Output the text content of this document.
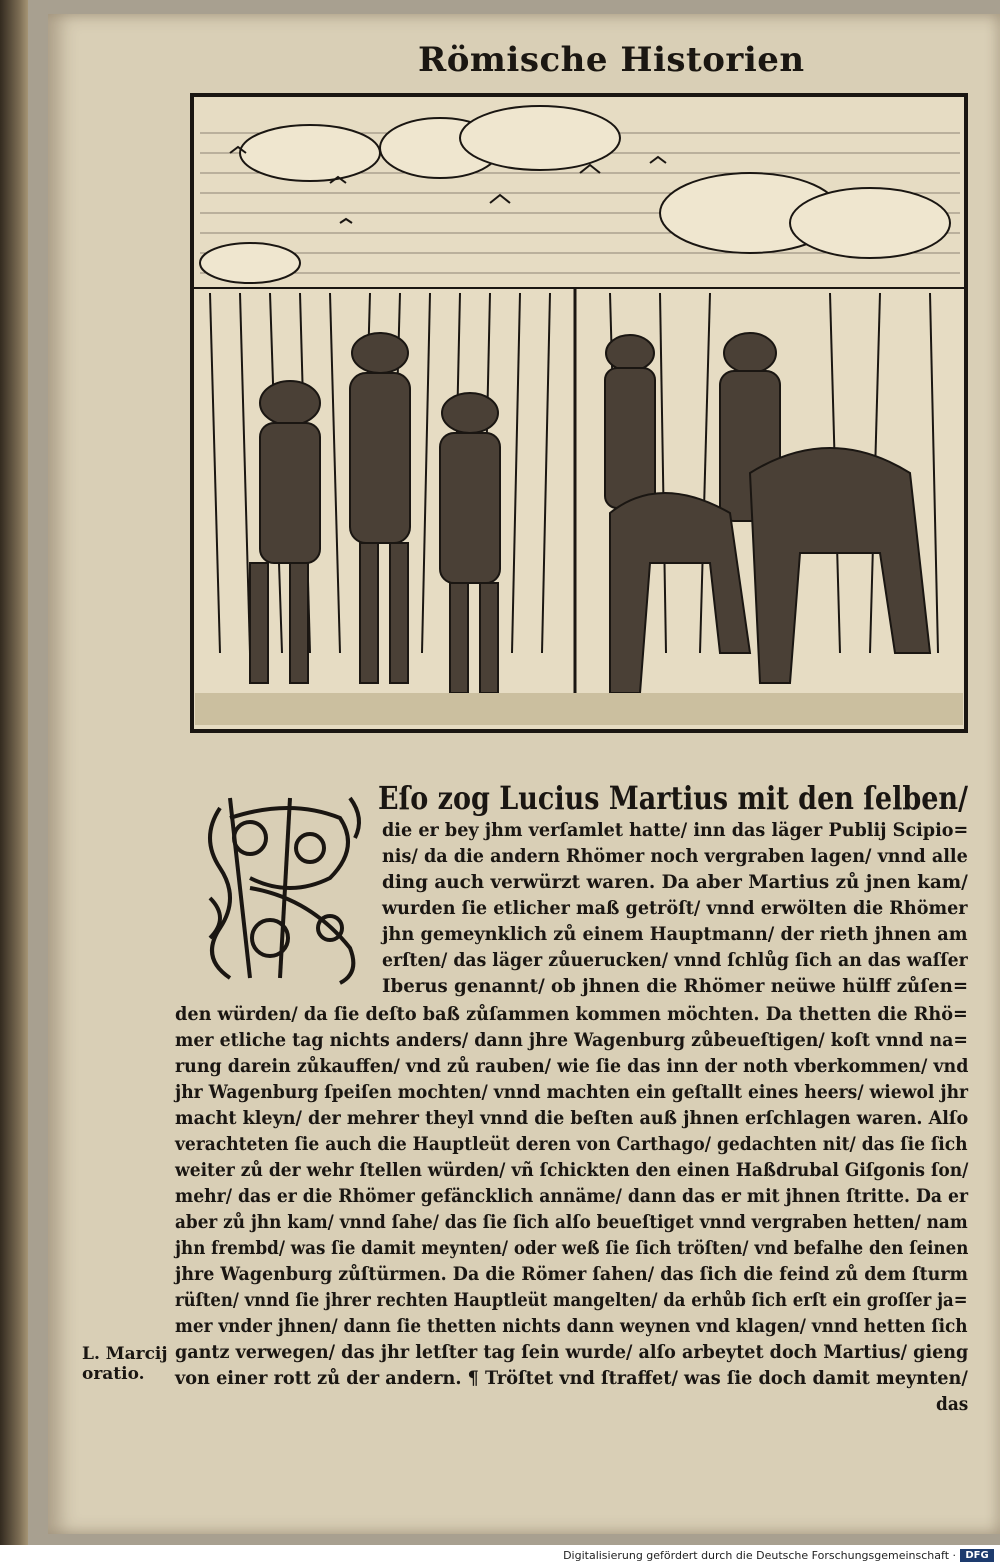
Römische Historien
Eſo zog Lucius Martius mit den ſelben/
die er bey jhm verſamlet hatte/ inn das läger Publij Scipio=
nis/ da die andern Rhömer noch vergraben lagen/ vnnd alle
ding auch verwürzt waren. Da aber Martius zů jnen kam/
wurden ſie etlicher maß getröſt/ vnnd erwölten die Rhömer
jhn gemeynklich zů einem Hauptmann/ der rieth jhnen am
erſten/ das läger zůuerucken/ vnnd ſchlůg ſich an das waſſer
Iberus genannt/ ob jhnen die Rhömer neüwe hülff zůſen=
den würden/ da ſie deſto baß zůſammen kommen möchten. Da thetten die Rhö=
mer etliche tag nichts anders/ dann jhre Wagenburg zůbeueſtigen/ koſt vnnd na=
rung darein zůkauffen/ vnd zů rauben/ wie ſie das inn der noth vberkommen/ vnd
jhr Wagenburg ſpeiſen mochten/ vnnd machten ein geſtallt eines heers/ wiewol jhr
macht kleyn/ der mehrer theyl vnnd die beſten auß jhnen erſchlagen waren. Alſo
verachteten ſie auch die Hauptleüt deren von Carthago/ gedachten nit/ das ſie ſich
weiter zů der wehr ſtellen würden/ vñ ſchickten den einen Haßdrubal Giſgonis ſon/
mehr/ das er die Rhömer gefäncklich annäme/ dann das er mit jhnen ſtritte. Da er
aber zů jhn kam/ vnnd ſahe/ das ſie ſich alſo beueſtiget vnnd vergraben hetten/ nam
jhn frembd/ was ſie damit meynten/ oder weß ſie ſich tröſten/ vnd befalhe den ſeinen
jhre Wagenburg zůſtürmen. Da die Römer ſahen/ das ſich die feind zů dem ſturm
rüſten/ vnnd ſie jhrer rechten Hauptleüt mangelten/ da erhůb ſich erſt ein groſſer ja=
mer vnder jhnen/ dann ſie thetten nichts dann weynen vnd klagen/ vnnd hetten ſich
gantz verwegen/ das jhr letſter tag ſein wurde/ alſo arbeytet doch Martius/ gieng
von einer rott zů der andern. ¶ Tröſtet vnd ſtraffet/ was ſie doch damit meynten/
das
L. Marcij
oratio.
Digitalisierung gefördert durch die Deutsche Forschungsgemeinschaft · DFG
